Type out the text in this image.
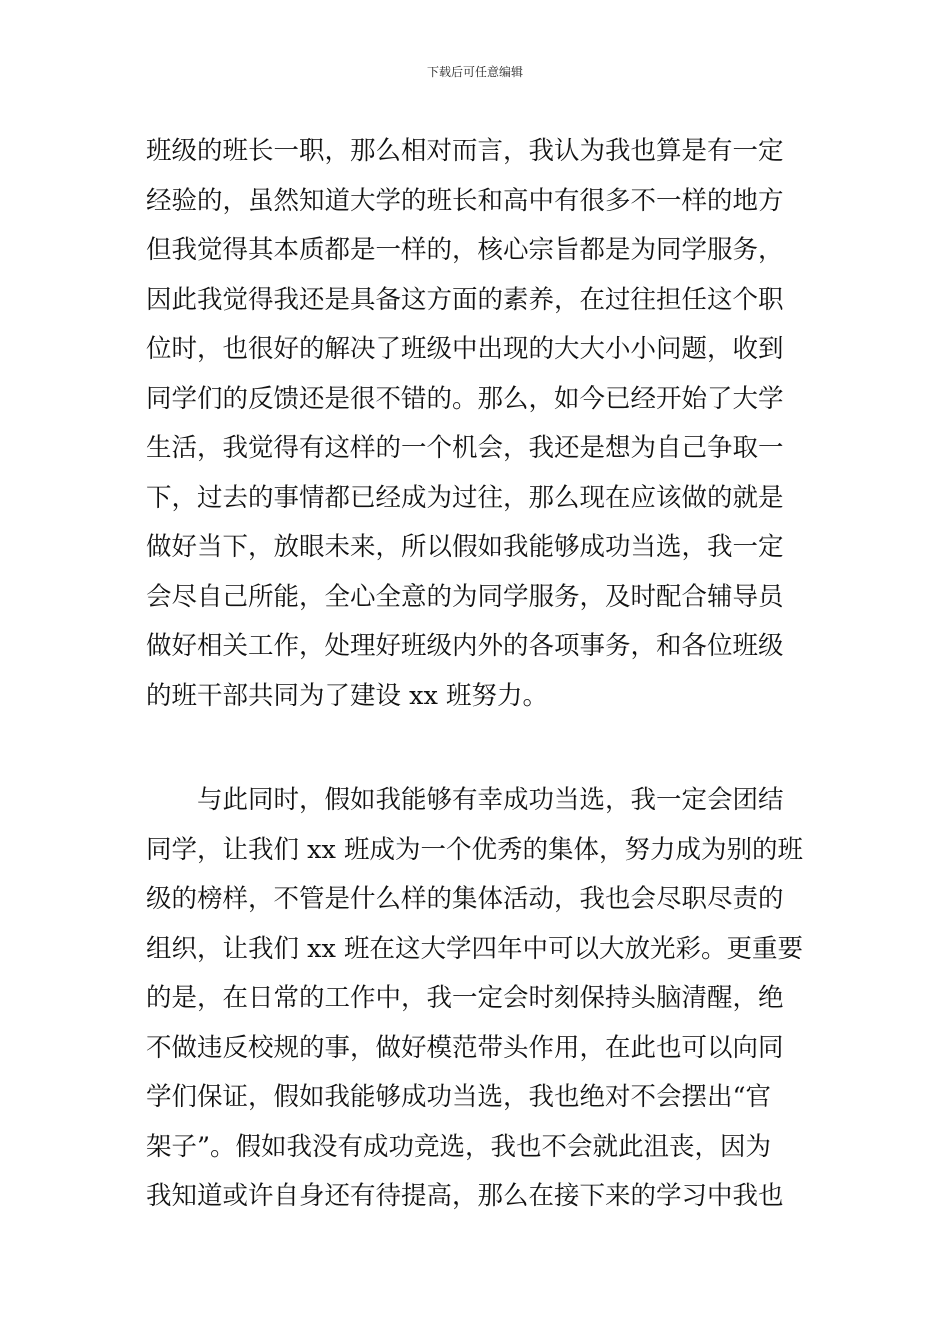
下载后可任意编辑
班级的班长一职，那么相对而言，我认为我也算是有一定
经验的，虽然知道大学的班长和高中有很多不一样的地方
但我觉得其本质都是一样的，核心宗旨都是为同学服务，
因此我觉得我还是具备这方面的素养，在过往担任这个职
位时，也很好的解决了班级中出现的大大小小问题，收到
同学们的反馈还是很不错的。那么，如今已经开始了大学
生活，我觉得有这样的一个机会，我还是想为自己争取一
下，过去的事情都已经成为过往，那么现在应该做的就是
做好当下，放眼未来，所以假如我能够成功当选，我一定
会尽自己所能，全心全意的为同学服务，及时配合辅导员
做好相关工作，处理好班级内外的各项事务，和各位班级
的班干部共同为了建设 xx 班努力。
　　与此同时，假如我能够有幸成功当选，我一定会团结
同学，让我们 xx 班成为一个优秀的集体，努力成为别的班
级的榜样，不管是什么样的集体活动，我也会尽职尽责的
组织，让我们 xx 班在这大学四年中可以大放光彩。更重要
的是，在日常的工作中，我一定会时刻保持头脑清醒，绝
不做违反校规的事，做好模范带头作用，在此也可以向同
学们保证，假如我能够成功当选，我也绝对不会摆出“官
架子”。假如我没有成功竞选，我也不会就此沮丧，因为
我知道或许自身还有待提高，那么在接下来的学习中我也
